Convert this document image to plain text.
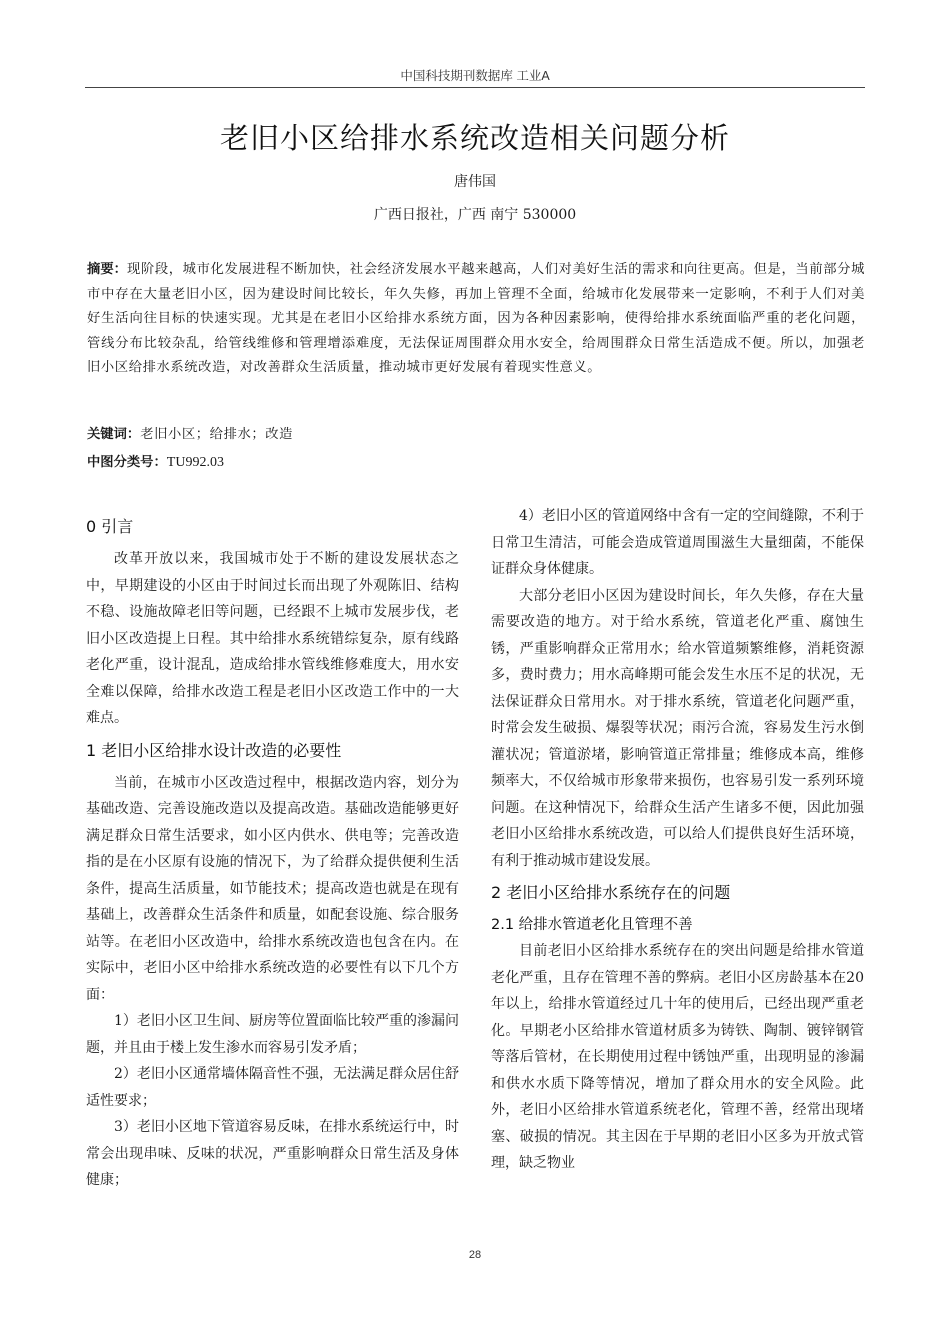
中国科技期刊数据库 工业A
老旧小区给排水系统改造相关问题分析
唐伟国
广西日报社，广西 南宁 530000
摘要：现阶段，城市化发展进程不断加快，社会经济发展水平越来越高，人们对美好生活的需求和向往更高。但是，当前部分城市中存在大量老旧小区，因为建设时间比较长，年久失修，再加上管理不全面，给城市化发展带来一定影响，不利于人们对美好生活向往目标的快速实现。尤其是在老旧小区给排水系统方面，因为各种因素影响，使得给排水系统面临严重的老化问题，管线分布比较杂乱，给管线维修和管理增添难度，无法保证周围群众用水安全，给周围群众日常生活造成不便。所以，加强老旧小区给排水系统改造，对改善群众生活质量，推动城市更好发展有着现实性意义。
关键词：老旧小区；给排水；改造
中图分类号：TU992.03
0 引言

改革开放以来，我国城市处于不断的建设发展状态之中，早期建设的小区由于时间过长而出现了外观陈旧、结构不稳、设施故障老旧等问题，已经跟不上城市发展步伐，老旧小区改造提上日程。其中给排水系统错综复杂，原有线路老化严重，设计混乱，造成给排水管线维修难度大，用水安全难以保障，给排水改造工程是老旧小区改造工作中的一大难点。

1 老旧小区给排水设计改造的必要性

当前，在城市小区改造过程中，根据改造内容，划分为基础改造、完善设施改造以及提高改造。基础改造能够更好满足群众日常生活要求，如小区内供水、供电等；完善改造指的是在小区原有设施的情况下，为了给群众提供便利生活条件，提高生活质量，如节能技术；提高改造也就是在现有基础上，改善群众生活条件和质量，如配套设施、综合服务站等。在老旧小区改造中，给排水系统改造也包含在内。在实际中，老旧小区中给排水系统改造的必要性有以下几个方面：

1）老旧小区卫生间、厨房等位置面临比较严重的渗漏问题，并且由于楼上发生渗水而容易引发矛盾；

2）老旧小区通常墙体隔音性不强，无法满足群众居住舒适性要求；

3）老旧小区地下管道容易反味，在排水系统运行中，时常会出现串味、反味的状况，严重影响群众日常生活及身体健康；

4）老旧小区的管道网络中含有一定的空间缝隙，不利于日常卫生清洁，可能会造成管道周围滋生大量细菌，不能保证群众身体健康。

大部分老旧小区因为建设时间长，年久失修，存在大量需要改造的地方。对于给水系统，管道老化严重、腐蚀生锈，严重影响群众正常用水；给水管道频繁维修，消耗资源多，费时费力；用水高峰期可能会发生水压不足的状况，无法保证群众日常用水。对于排水系统，管道老化问题严重，时常会发生破损、爆裂等状况；雨污合流，容易发生污水倒灌状况；管道淤堵，影响管道正常排量；维修成本高，维修频率大，不仅给城市形象带来损伤，也容易引发一系列环境问题。在这种情况下，给群众生活产生诸多不便，因此加强老旧小区给排水系统改造，可以给人们提供良好生活环境，有利于推动城市建设发展。

2 老旧小区给排水系统存在的问题
2.1 给排水管道老化且管理不善

目前老旧小区给排水系统存在的突出问题是给排水管道老化严重，且存在管理不善的弊病。老旧小区房龄基本在20年以上，给排水管道经过几十年的使用后，已经出现严重老化。早期老小区给排水管道材质多为铸铁、陶制、镀锌钢管等落后管材，在长期使用过程中锈蚀严重，出现明显的渗漏和供水水质下降等情况，增加了群众用水的安全风险。此外，老旧小区给排水管道系统老化，管理不善，经常出现堵塞、破损的情况。其主因在于早期的老旧小区多为开放式管理，缺乏物业

28
